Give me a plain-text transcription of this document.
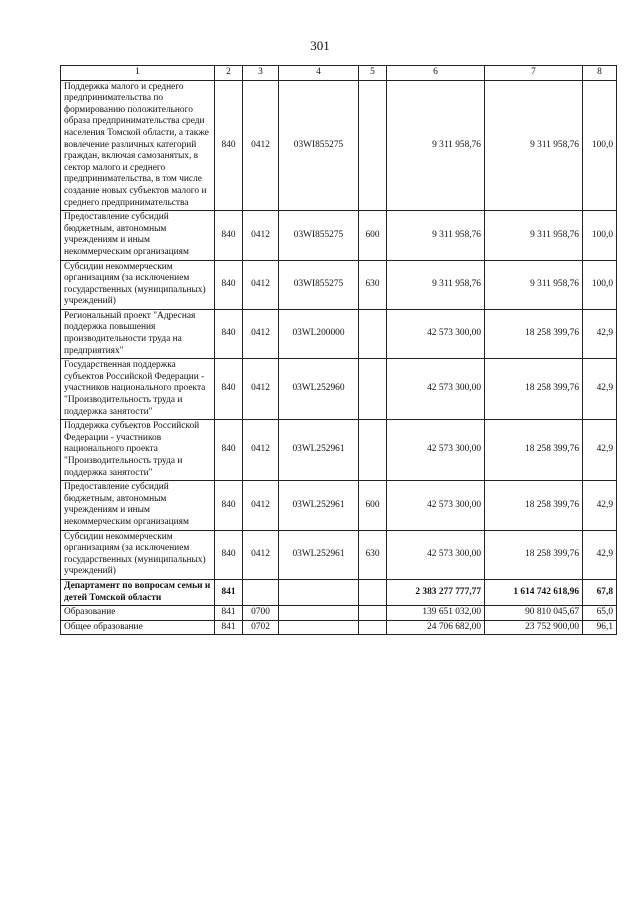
301
1	2	3	4	5	6	7	8
Поддержка малого и среднего предпринимательства по формированию положительного образа предпринимательства среди населения Томской области, а также вовлечение различных категорий граждан, включая самозанятых, в сектор малого и среднего предпринимательства, в том числе создание новых субъектов малого и среднего предпринимательства	840	0412	03WI855275		9 311 958,76	9 311 958,76	100,0
Предоставление субсидий бюджетным, автономным учреждениям и иным некоммерческим организациям	840	0412	03WI855275	600	9 311 958,76	9 311 958,76	100,0
Субсидии некоммерческим организациям (за исключением государственных (муниципальных) учреждений)	840	0412	03WI855275	630	9 311 958,76	9 311 958,76	100,0
Региональный проект "Адресная поддержка повышения производительности труда на предприятиях"	840	0412	03WL200000		42 573 300,00	18 258 399,76	42,9
Государственная поддержка субъектов Российской Федерации - участников национального проекта "Производительность труда и поддержка занятости"	840	0412	03WL252960		42 573 300,00	18 258 399,76	42,9
Поддержка субъектов Российской Федерации - участников национального проекта "Производительность труда и поддержка занятости"	840	0412	03WL252961		42 573 300,00	18 258 399,76	42,9
Предоставление субсидий бюджетным, автономным учреждениям и иным некоммерческим организациям	840	0412	03WL252961	600	42 573 300,00	18 258 399,76	42,9
Субсидии некоммерческим организациям (за исключением государственных (муниципальных) учреждений)	840	0412	03WL252961	630	42 573 300,00	18 258 399,76	42,9
Департамент по вопросам семьи и детей Томской области	841				2 383 277 777,77	1 614 742 618,96	67,8
Образование	841	0700			139 651 032,00	90 810 045,67	65,0
Общее образование	841	0702			24 706 682,00	23 752 900,00	96,1
